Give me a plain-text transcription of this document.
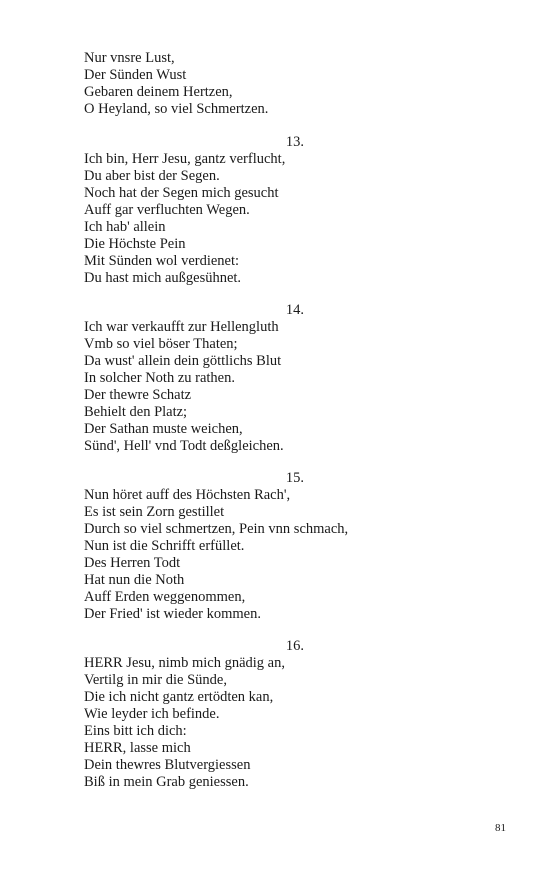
Nur vnsre Lust,
Der Sünden Wust
Gebaren deinem Hertzen,
O Heyland, so viel Schmertzen.
13.
Ich bin, Herr Jesu, gantz verflucht,
Du aber bist der Segen.
Noch hat der Segen mich gesucht
Auff gar verfluchten Wegen.
Ich hab' allein
Die Höchste Pein
Mit Sünden wol verdienet:
Du hast mich außgesühnet.
14.
Ich war verkaufft zur Hellengluth
Vmb so viel böser Thaten;
Da wust' allein dein göttlichs Blut
In solcher Noth zu rathen.
Der thewre Schatz
Behielt den Platz;
Der Sathan muste weichen,
Sünd', Hell' vnd Todt deßgleichen.
15.
Nun höret auff des Höchsten Rach',
Es ist sein Zorn gestillet
Durch so viel schmertzen, Pein vnn schmach,
Nun ist die Schrifft erfüllet.
Des Herren Todt
Hat nun die Noth
Auff Erden weggenommen,
Der Fried' ist wieder kommen.
16.
HERR Jesu, nimb mich gnädig an,
Vertilg in mir die Sünde,
Die ich nicht gantz ertödten kan,
Wie leyder ich befinde.
Eins bitt ich dich:
HERR, lasse mich
Dein thewres Blutvergiessen
Biß in mein Grab geniessen.
81
